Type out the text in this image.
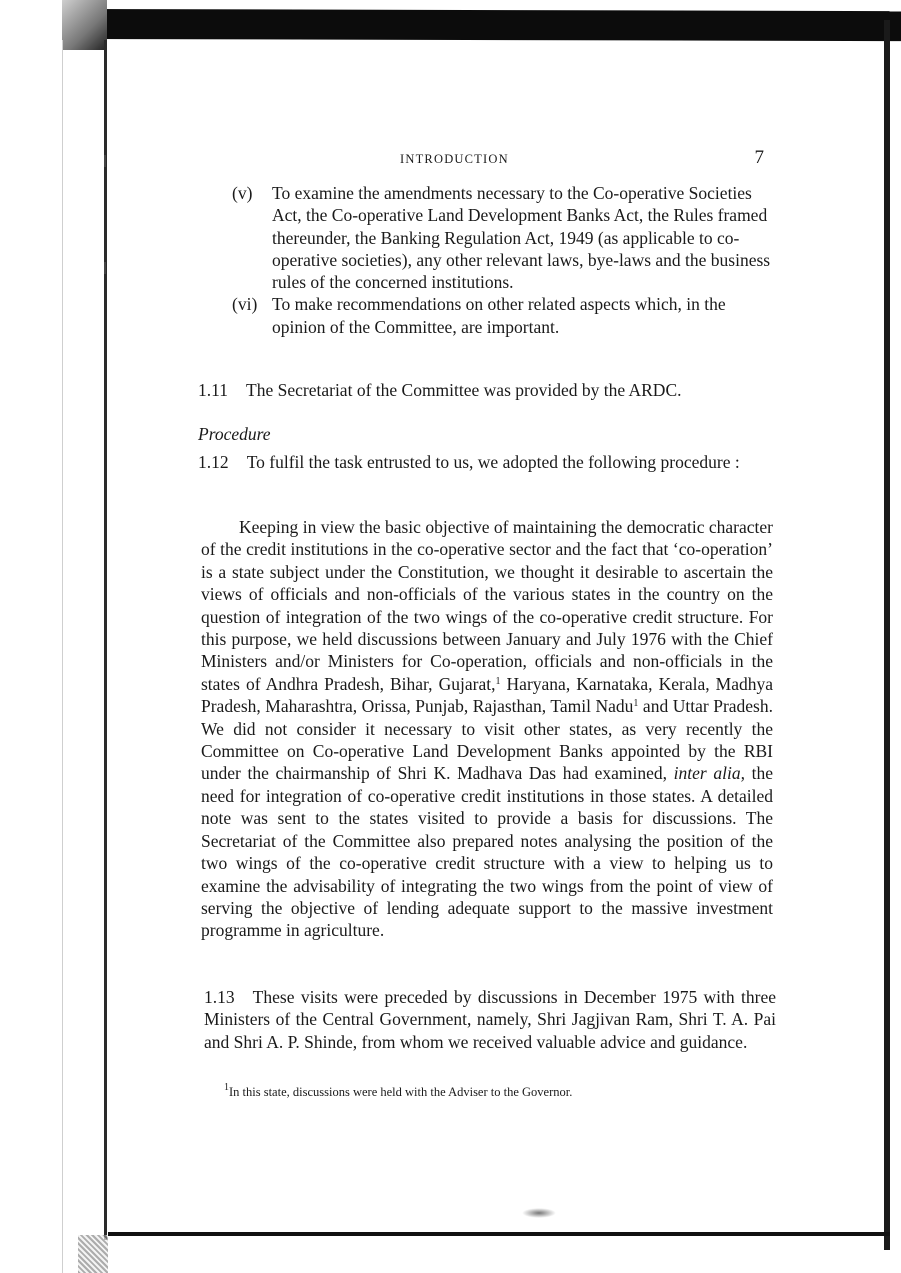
INTRODUCTION	7
(v) To examine the amendments necessary to the Co-operative Societies Act, the Co-operative Land Development Banks Act, the Rules framed thereunder, the Banking Regulation Act, 1949 (as applicable to co-operative societies), any other relevant laws, bye-laws and the business rules of the concerned institutions.
(vi) To make recommendations on other related aspects which, in the opinion of the Committee, are important.
1.11 The Secretariat of the Committee was provided by the ARDC.
Procedure
1.12 To fulfil the task entrusted to us, we adopted the following procedure :
Keeping in view the basic objective of maintaining the democratic character of the credit institutions in the co-operative sector and the fact that ‘co-operation’ is a state subject under the Constitution, we thought it desirable to ascertain the views of officials and non-officials of the various states in the country on the question of integration of the two wings of the co-operative credit structure. For this purpose, we held discussions between January and July 1976 with the Chief Ministers and/or Ministers for Co-operation, officials and non-officials in the states of Andhra Pradesh, Bihar, Gujarat,$^1$ Haryana, Karnataka, Kerala, Madhya Pradesh, Maharashtra, Orissa, Punjab, Rajasthan, Tamil Nadu$^1$ and Uttar Pradesh. We did not consider it necessary to visit other states, as very recently the Committee on Co-operative Land Development Banks appointed by the RBI under the chairmanship of Shri K. Madhava Das had examined, inter alia, the need for integration of co-operative credit institutions in those states. A detailed note was sent to the states visited to provide a basis for discussions. The Secretariat of the Committee also prepared notes analysing the position of the two wings of the co-operative credit structure with a view to helping us to examine the advisability of integrating the two wings from the point of view of serving the objective of lending adequate support to the massive investment programme in agriculture.
1.13 These visits were preceded by discussions in December 1975 with three Ministers of the Central Government, namely, Shri Jagjivan Ram, Shri T. A. Pai and Shri A. P. Shinde, from whom we received valuable advice and guidance.
$^1$In this state, discussions were held with the Adviser to the Governor.
